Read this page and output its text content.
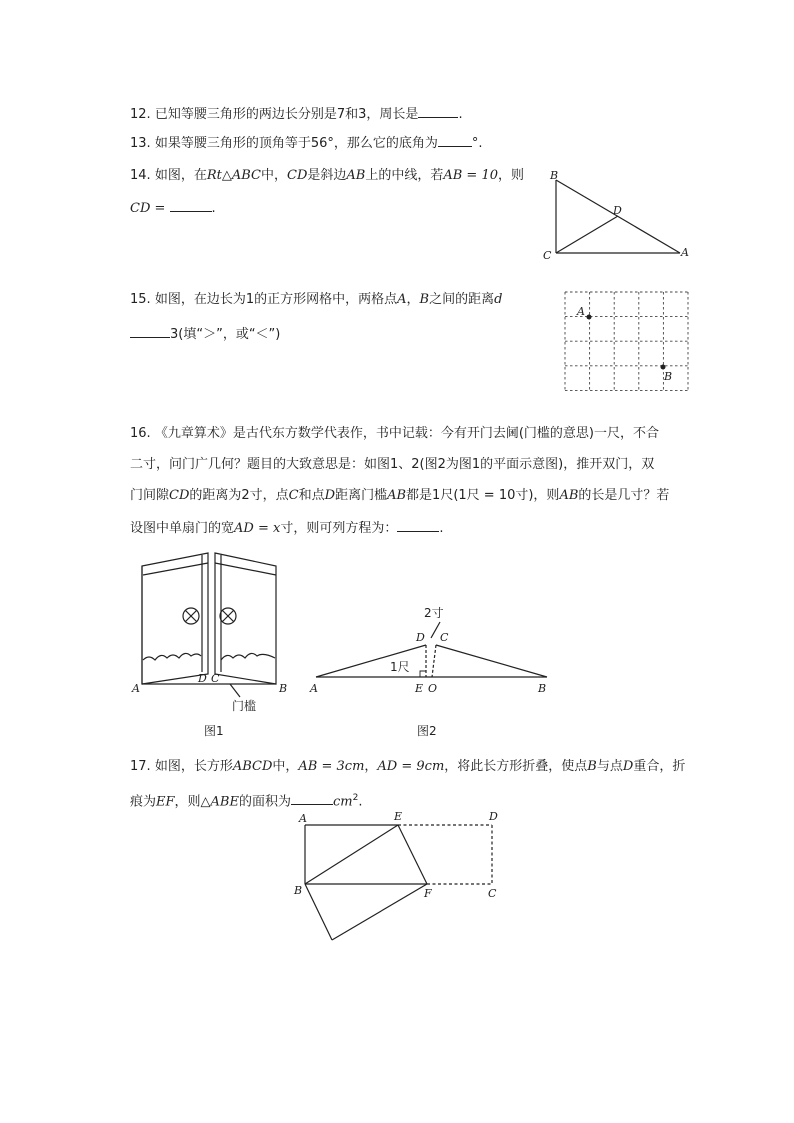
12. 已知等腰三角形的两边长分别是7和3，周长是	.
13. 如果等腰三角形的顶角等于56°，那么它的底角为	°.
14. 如图，在Rt△ABC中，CD是斜边AB上的中线，若AB = 10，则
CD =	.
B
C	A
D
15. 如图，在边长为1的正方形网格中，两格点A，B之间的距离d
3(填“＞”，或“＜”)
A
B
16. 《九章算术》是古代东方数学代表作，书中记载：今有开门去阃(门槛的意思)一尺，不合
二寸，问门广几何？题目的大致意思是：如图1、2(图2为图1的平面示意图)，推开双门，双
门间隙CD的距离为2寸，点C和点D距离门槛AB都是1尺(1尺 = 10寸)，则AB的长是几寸？若
设图中单扇门的宽AD = x寸，则可列方程为：	.
A
D C
B
门槛
图1
2寸
D C
1尺
A	E O	B
图2
17. 如图，长方形ABCD中，AB = 3cm，AD = 9cm，将此长方形折叠，使点B与点D重合，折
痕为EF，则△ABE的面积为	$cm^2$.
A	E	D
B	F	C
